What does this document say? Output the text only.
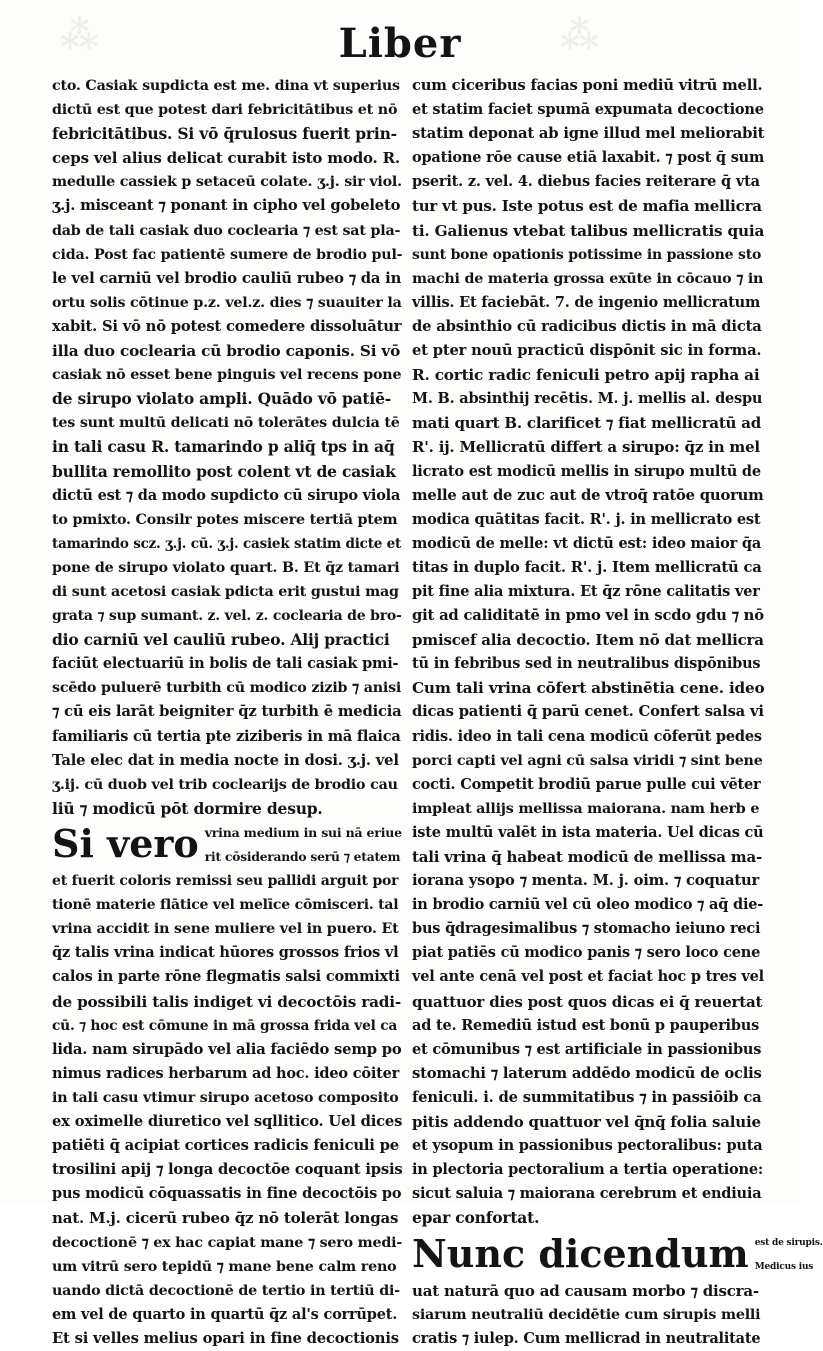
⁂	⁂
Liber
cto. Casiak supdicta est me. dina vt superius
dictū est que potest dari febricitātibus et nō
febricitātibus. Si vō q̄rulosus fuerit prin-
ceps vel alius delicat curabit isto modo. R.
medulle cassiek p setaceū colate. ʒ.j. sir viol.
ʒ.j. misceant ⁊ ponant in cipho vel gobeleto
dab de tali casiak duo coclearia ⁊ est sat pla-
cida. Post fac patientē sumere de brodio pul-
le vel carniū vel brodio cauliū rubeo ⁊ da in
ortu solis cōtinue p.z. vel.z. dies ⁊ suauiter la
xabit. Si vō nō potest comedere dissoluātur
illa duo coclearia cū brodio caponis. Si vō
casiak nō esset bene pinguis vel recens pone
de sirupo violato ampli. Quādo vō patiē-
tes sunt multū delicati nō tolerātes dulcia tē
in tali casu R. tamarindo p aliq̄ tps in aq̄
bullita remollito post colent vt de casiak
dictū est ⁊ da modo supdicto cū sirupo viola
to pmixto. Consilr potes miscere tertiā ptem
tamarindo scz. ʒ.j. cū. ʒ.j. casiek statim dicte et
pone de sirupo violato quart. B. Et q̄z tamari
di sunt acetosi casiak pdicta erit gustui mag
grata ⁊ sup sumant. z. vel. z. coclearia de bro-
dio carniū vel cauliū rubeo. Alij practici
faciūt electuariū in bolis de tali casiak pmi-
scēdo puluerē turbith cū modico zizib ⁊ anisi
⁊ cū eis larāt beigniter q̄z turbith ē medicia
familiaris cū tertia pte ziziberis in mā flaica
Tale elec dat in media nocte in dosi. ʒ.j. vel
ʒ.ij. cū duob vel trib coclearijs de brodio cau
liū ⁊ modicū pōt dormire desup.
Si vero vrina medium in sui nā eriue
rit cōsiderando serū ⁊ etatem
et fuerit coloris remissi seu pallidi arguit por
tionē materie flātice vel melīce cōmisceri. tal
vrina accidit in sene muliere vel in puero. Et
q̄z talis vrina indicat hūores grossos frios vl
calos in parte rōne flegmatis salsi commixti
de possibili talis indiget vi decoctōis radi-
cū. ⁊ hoc est cōmune in mā grossa frida vel ca
lida. nam sirupādo vel alia faciēdo semp po
nimus radices herbarum ad hoc. ideo cōiter
in tali casu vtimur sirupo acetoso composito
ex oximelle diuretico vel sqllitico. Uel dices
patiēti q̄ acipiat cortices radicis feniculi pe
trosilini apij ⁊ longa decoctōe coquant ipsis
pus modicū cōquassatis in fine decoctōis po
nat. M.j. cicerū rubeo q̄z nō tolerāt longas
decoctionē ⁊ ex hac capiat mane ⁊ sero medi-
um vitrū sero tepidū ⁊ mane bene calm reno
uando dictā decoctionē de tertio in tertiū di-
em vel de quarto in quartū q̄z al's corrūpet.
Et si velles melius opari in fine decoctionis
cum ciceribus facias poni mediū vitrū mell.
et statim faciet spumā expumata decoctione
statim deponat ab igne illud mel meliorabit
opatione rōe cause etiā laxabit. ⁊ post q̄ sum
pserit. z. vel. 4. diebus facies reiterare q̄ vta
tur vt pus. Iste potus est de mafia mellicra
ti. Galienus vtebat talibus mellicratis quia
sunt bone opationis potissime in passione sto
machi de materia grossa exūte in cōcauo ⁊ in
villis. Et faciebāt. 7. de ingenio mellicratum
de absinthio cū radicibus dictis in mā dicta
et pter nouū practicū dispōnit sic in forma.
R. cortic radic feniculi petro apij rapha ai
M. B. absinthij recētis. M. j. mellis al. despu
mati quart B. clarificet ⁊ fiat mellicratū ad
R'. ij. Mellicratū differt a sirupo: q̄z in mel
licrato est modicū mellis in sirupo multū de
melle aut de zuc aut de vtroq̄ ratōe quorum
modica quātitas facit. R'. j. in mellicrato est
modicū de melle: vt dictū est: ideo maior q̄a
titas in duplo facit. R'. j. Item mellicratū ca
pit fine alia mixtura. Et q̄z rōne calitatis ver
git ad caliditatē in pmo vel in scdo gdu ⁊ nō
pmiscef alia decoctio. Item nō dat mellicra
tū in febribus sed in neutralibus dispōnibus
Cum tali vrina cōfert abstinētia cene. ideo
dicas patienti q̄ parū cenet. Confert salsa vi
ridis. ideo in tali cena modicū cōferūt pedes
porci capti vel agni cū salsa viridi ⁊ sint bene
cocti. Competit brodiū parue pulle cui vēter
impleat allijs mellissa maiorana. nam herb e
iste multū valēt in ista materia. Uel dicas cū
tali vrina q̄ habeat modicū de mellissa ma-
iorana ysopo ⁊ menta. M. j. oim. ⁊ coquatur
in brodio carniū vel cū oleo modico ⁊ aq̄ die-
bus q̄dragesimalibus ⁊ stomacho ieiuno reci
piat patiēs cū modico panis ⁊ sero loco cene
vel ante cenā vel post et faciat hoc p tres vel
quattuor dies post quos dicas ei q̄ reuertat
ad te. Remediū istud est bonū p pauperibus
et cōmunibus ⁊ est artificiale in passionibus
stomachi ⁊ laterum addēdo modicū de oclis
feniculi. i. de summitatibus ⁊ in passiōib ca
pitis addendo quattuor vel q̄nq̄ folia saluie
et ysopum in passionibus pectoralibus: puta
in plectoria pectoralium a tertia operatione:
sicut saluia ⁊ maiorana cerebrum et endiuia
epar confortat.
Nunc dicendum est de sirupis.
Medicus ius
uat naturā quo ad causam morbo ⁊ discra-
siarum neutraliū decidētie cum sirupis melli
cratis ⁊ iulep. Cum mellicrad in neutralitate
